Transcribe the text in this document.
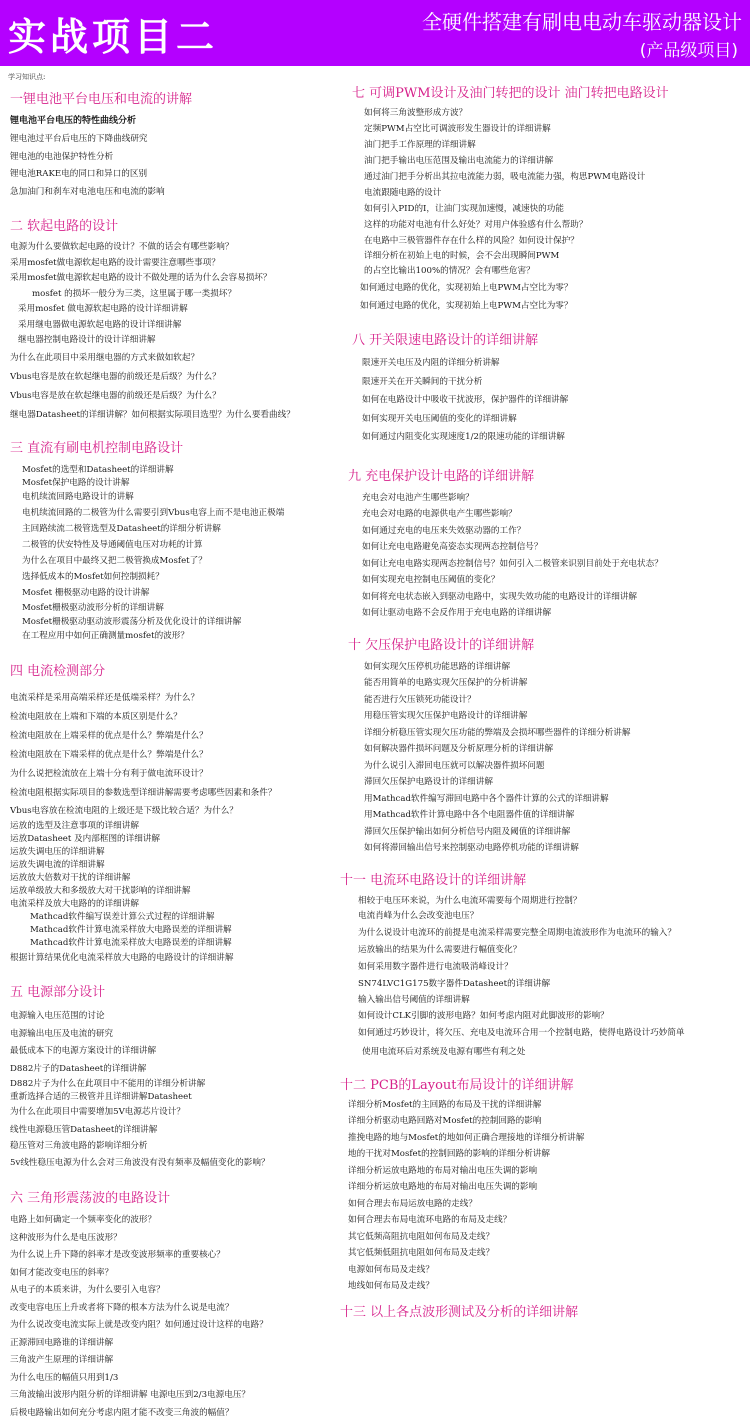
实战项目二	全硬件搭建有刷电电动车驱动器设计
(产品级项目)
学习知识点:
一锂电池平台电压和电流的讲解
锂电池平台电压的特性曲线分析
锂电池过平台后电压的下降曲线研究
锂电池的电池保护特性分析
锂电池RAKE电的同口和异口的区别
急加油门和刹车对电池电压和电流的影响
二 软起电路的设计
电源为什么要做软起电路的设计？不做的话会有哪些影响？
采用mosfet做电源软起电路的设计需要注意哪些事项？
采用mosfet做电源软起电路的设计不做处理的话为什么会容易损坏？
mosfet 的损坏一般分为三类，这里属于哪一类损坏？
采用mosfet 做电源软起电路的设计详细讲解
采用继电器做电源软起电路的设计详细讲解
继电器控制电路设计的设计详细讲解
为什么在此项目中采用继电器的方式来做如软起？
Vbus电容是放在软起继电器的前级还是后级？为什么？
Vbus电容是放在软起继电器的前级还是后级？为什么？
继电器Datasheet的详细讲解？如何根据实际项目选型？为什么要看曲线？
三 直流有刷电机控制电路设计
Mosfet的选型和Datasheet的详细讲解
Mosfet保护电路的设计讲解
电机续流回路电路设计的讲解
电机续流回路的二极管为什么需要引到Vbus电容上而不是电池正极端
主回路续流二极管选型及Datasheet的详细分析讲解
二极管的伏安特性及导通阈值电压对功耗的计算
为什么在项目中最终又把二极管换成Mosfet了？
选择低成本的Mosfet如何控制损耗？
Mosfet 栅极驱动电路的设计讲解
Mosfet栅极驱动波形分析的详细讲解
Mosfet栅极驱动驱动波形震荡分析及优化设计的详细讲解
在工程应用中如何正确测量mosfet的波形？
四 电流检测部分
电流采样是采用高端采样还是低端采样？为什么？
检流电阻放在上端和下端的本质区别是什么？
检流电阻放在上端采样的优点是什么？弊端是什么？
检流电阻放在下端采样的优点是什么？弊端是什么？
为什么说把检流放在上端十分有利于做电流环设计？
检流电阻根据实际项目的参数选型详细讲解需要考虑哪些因素和条件？
Vbus电容放在检流电阻的上级还是下级比较合适？为什么？
运放的选型及注意事项的详细讲解
运放Datasheet 及内部框图的详细讲解
运放失调电压的详细讲解
运放失调电流的详细讲解
运放放大倍数对干扰的详细讲解
运放单级放大和多级放大对干扰影响的详细讲解
电流采样及放大电路的的详细讲解
Mathcad软件编写误差计算公式过程的详细讲解
Mathcad软件计算电流采样放大电路误差的详细讲解
Mathcad软件计算电流采样放大电路误差的详细讲解
根据计算结果优化电流采样放大电路的电路设计的详细讲解
五 电源部分设计
电源输入电压范围的讨论
电源输出电压及电流的研究
最低成本下的电源方案设计的详细讲解
D882片子的Datasheet的详细讲解
D882片子为什么在此项目中不能用的详细分析讲解
重新选择合适的三极管并且详细讲解Datasheet
为什么在此项目中需要增加5V电源芯片设计？
线性电源稳压管Datasheet的详细讲解
稳压管对三角波电路的影响详细分析
5v线性稳压电源为什么会对三角波没有没有频率及幅值变化的影响？
六 三角形震荡波的电路设计
电路上如何确定一个频率变化的波形？
这种波形为什么是电压波形？
为什么说上升下降的斜率才是改变波形频率的重要核心？
如何才能改变电压的斜率？
从电子的本质来讲，为什么要引入电容？
改变电容电压上升或者将下降的根本方法为什么说是电流？
为什么说改变电流实际上就是改变内阻？如何通过设计这样的电路？
正源滞回电路谁的详细讲解
三角波产生原理的详细讲解
为什么电压的幅值只用到1/3
三角波输出波形内阻分析的详细讲解 电源电压到2/3电源电压？
后极电路输出如何充分考虑内阻才能不改变三角波的幅值？
七 可调PWM设计及油门转把的设计 油门转把电路设计
如何将三角波整形成方波？
定频PWM占空比可调波形发生器设计的详细讲解
油门把手工作原理的详细讲解
油门把手输出电压范围及输出电流能力的详细讲解
通过油门把手分析出其拉电流能力弱，吸电流能力强，构思PWM电路设计
电流跟随电路的设计
如何引入PID的I，让油门实现加速慢，减速快的功能
这样的功能对电池有什么好处？对用户体验感有什么帮助？
在电路中三极管器件存在什么样的风险？如何设计保护？
详细分析在初始上电的时候，会不会出现瞬间PWM
的占空比输出100%的情况？会有哪些危害？
如何通过电路的优化，实现初始上电PWM占空比为零？
如何通过电路的优化，实现初始上电PWM占空比为零？
八 开关限速电路设计的详细讲解
限速开关电压及内阻的详细分析讲解
限速开关在开关瞬间的干扰分析
如何在电路设计中吸收干扰波形，保护器件的详细讲解
如何实现开关电压阈值的变化的详细讲解
如何通过内阻变化实现速度1/2的限速功能的详细讲解
九 充电保护设计电路的详细讲解
充电会对电池产生哪些影响？
充电会对电路的电源供电产生哪些影响？
如何通过充电的电压来失效驱动器的工作？
如何让充电电路避免高姿态实现两态控制信号？
如何让充电电路实现两态控制信号？如何引入二极管来识别目前处于充电状态？
如何实现充电控制电压阈值的变化？
如何将充电状态嵌入到驱动电路中，实现失效功能的电路设计的详细讲解
如何让驱动电路不会反作用于充电电路的详细讲解
十 欠压保护电路设计的详细讲解
如何实现欠压停机功能思路的详细讲解
能否用简单的电路实现欠压保护的分析讲解
能否进行欠压锁死功能设计？
用稳压管实现欠压保护电路设计的详细讲解
详细分析稳压管实现欠压功能的弊端及会损坏哪些器件的详细分析讲解
如何解决器件损坏问题及分析原理分析的详细讲解
为什么说引入滞回电压就可以解决器件损坏问题
滞回欠压保护电路设计的详细讲解
用Mathcad软件编写滞回电路中各个器件计算的公式的详细讲解
用Mathcad软件计算电路中各个电阻器件值的详细讲解
滞回欠压保护输出如何分析信号内阻及阈值的详细讲解
如何将滞回输出信号来控制驱动电路停机功能的详细讲解
十一 电流环电路设计的详细讲解
相较于电压环来说，为什么电流环需要每个周期进行控制？
电流肖峰为什么会改变池电压？
为什么说设计电流环的前提是电流采样需要完整全周期电流波形作为电流环的输入？
运放输出的结果为什么需要进行幅值变化？
如何采用数字器件进行电流吸消峰设计？
SN74LVC1G175数字器件Datasheet的详细讲解
输入输出信号阈值的详细讲解
如何设计CLK引脚的波形电路？如何考虑内阻对此脚波形的影响？
如何通过巧妙设计，将欠压、充电及电流环合用一个控制电路，使得电路设计巧妙简单
使用电流环后对系统及电源有哪些有利之处
十二 PCB的Layout布局设计的详细讲解
详细分析Mosfet的主回路的布局及干扰的详细讲解
详细分析驱动电路回路对Mosfet的控制回路的影响
推挽电路的地与Mosfet的地如何正确合理接地的详细分析讲解
地的干扰对Mosfet的控制回路的影响的详细分析讲解
详细分析运放电路地的布局对输出电压失调的影响
详细分析运放电路地的布局对输出电压失调的影响
如何合理去布局运放电路的走线？
如何合理去布局电流环电路的布局及走线？
其它低频高阻抗电阻如何布局及走线？
其它低频低阻抗电阻如何布局及走线？
电源如何布局及走线？
地线如何布局及走线？
十三 以上各点波形测试及分析的详细讲解
